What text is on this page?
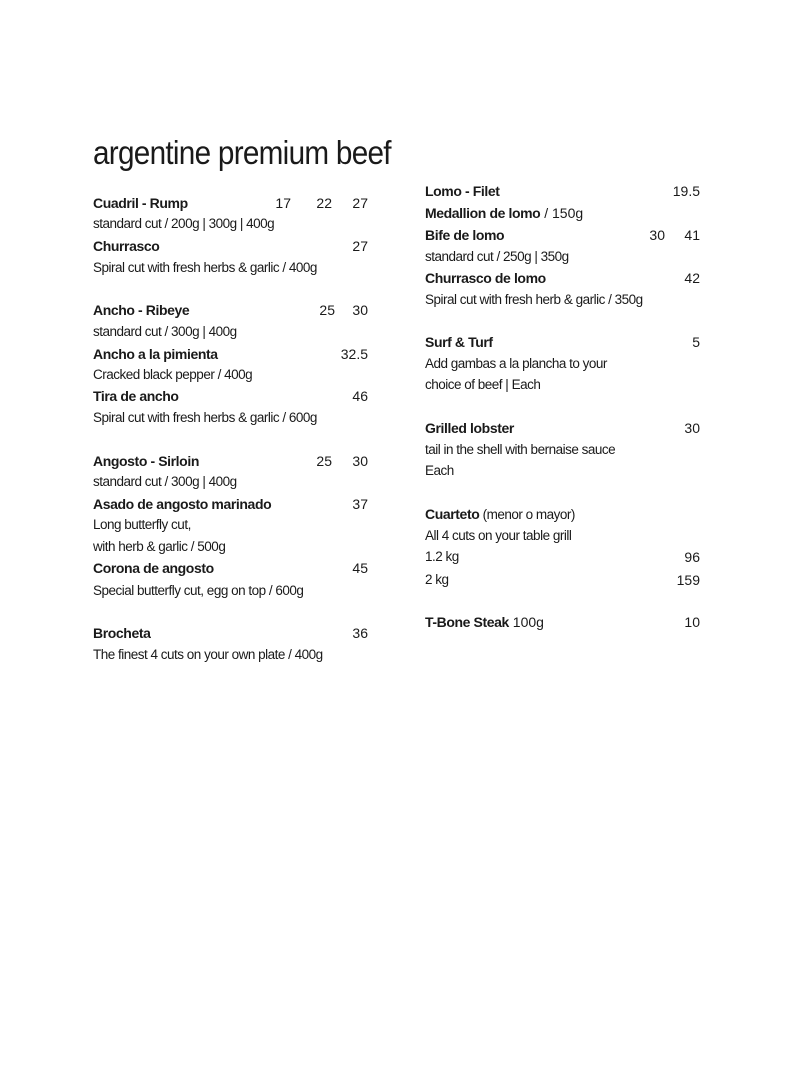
argentine premium beef
Cuadril - Rump	17	22	27
standard cut / 200g | 300g | 400g
Churrasco	27
Spiral cut with fresh herbs & garlic / 400g
Ancho - Ribeye	25	30
standard cut / 300g | 400g
Ancho a la pimienta	32.5
Cracked black pepper / 400g
Tira de ancho	46
Spiral cut with fresh herbs & garlic / 600g
Angosto - Sirloin	25	30
standard cut / 300g | 400g
Asado de angosto marinado	37
Long butterfly cut,
with herb & garlic / 500g
Corona de angosto	45
Special butterfly cut, egg on top / 600g
Brocheta	36
The finest 4 cuts on your own plate / 400g
Lomo - Filet	19.5
Medallion de lomo / 150g
Bife de lomo	30	41
standard cut / 250g | 350g
Churrasco de lomo	42
Spiral cut with fresh herb & garlic / 350g
Surf & Turf	5
Add gambas a la plancha to your
choice of beef | Each
Grilled lobster	30
tail in the shell with bernaise sauce
Each
Cuarteto (menor o mayor)
All 4 cuts on your table grill
1.2 kg	96
2 kg	159
T-Bone Steak 100g	10
